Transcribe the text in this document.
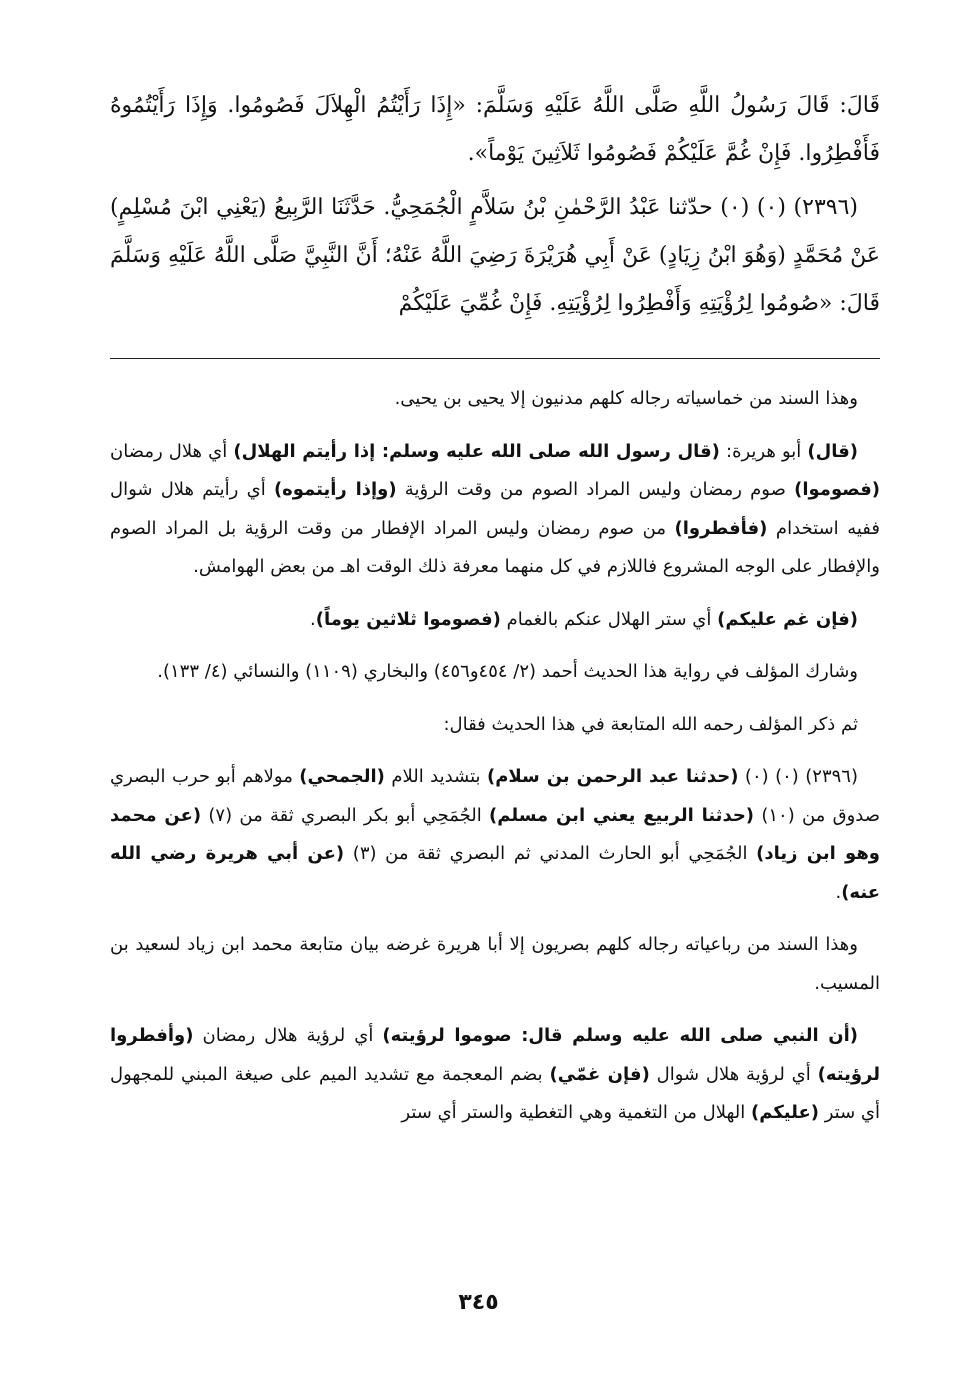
قَالَ: قَالَ رَسُولُ اللَّهِ صَلَّى اللَّهُ عَلَيْهِ وَسَلَّمَ: «إِذَا رَأَيْتُمُ الْهِلاَلَ فَصُومُوا. وَإِذَا رَأَيْتُمُوهُ فَأَفْطِرُوا. فَإِنْ غُمَّ عَلَيْكُمْ فَصُومُوا ثَلاَثِينَ يَوْماً».

(٢٣٩٦) (٠) (٠) حدّثنا عَبْدُ الرَّحْمٰنِ بْنُ سَلاَّمٍ الْجُمَحِيُّ. حَدَّثَنَا الرَّبِيعُ (يَعْنِي ابْنَ مُسْلِمٍ) عَنْ مُحَمَّدٍ (وَهُوَ ابْنُ زِيَادٍ) عَنْ أَبِي هُرَيْرَةَ رَضِيَ اللَّهُ عَنْهُ؛ أَنَّ النَّبِيَّ صَلَّى اللَّهُ عَلَيْهِ وَسَلَّمَ قَالَ: «صُومُوا لِرُؤْيَتِهِ وَأَفْطِرُوا لِرُؤْيَتِهِ. فَإِنْ غُمِّيَ عَلَيْكُمْ

وهذا السند من خماسياته رجاله كلهم مدنيون إلا يحيى بن يحيى.

(قال) أبو هريرة: (قال رسول الله صلى الله عليه وسلم: إذا رأيتم الهلال) أي هلال رمضان (فصوموا) صوم رمضان وليس المراد الصوم من وقت الرؤية (وإذا رأيتموه) أي رأيتم هلال شوال ففيه استخدام (فأفطروا) من صوم رمضان وليس المراد الإفطار من وقت الرؤية بل المراد الصوم والإفطار على الوجه المشروع فاللازم في كل منهما معرفة ذلك الوقت اهـ من بعض الهوامش.

(فإن غم عليكم) أي ستر الهلال عنكم بالغمام (فصوموا ثلاثين يوماً).

وشارك المؤلف في رواية هذا الحديث أحمد (٢/ ٤٥٤و٤٥٦) والبخاري (١١٠٩) والنسائي (٤/ ١٣٣).

ثم ذكر المؤلف رحمه الله المتابعة في هذا الحديث فقال:

(٢٣٩٦) (٠) (٠) (حدثنا عبد الرحمن بن سلام) بتشديد اللام (الجمحي) مولاهم أبو حرب البصري صدوق من (١٠) (حدثنا الربيع يعني ابن مسلم) الجُمَحِي أبو بكر البصري ثقة من (٧) (عن محمد وهو ابن زياد) الجُمَحِي أبو الحارث المدني ثم البصري ثقة من (٣) (عن أبي هريرة رضي الله عنه).

وهذا السند من رباعياته رجاله كلهم بصريون إلا أبا هريرة غرضه بيان متابعة محمد ابن زياد لسعيد بن المسيب.

(أن النبي صلى الله عليه وسلم قال: صوموا لرؤيته) أي لرؤية هلال رمضان (وأفطروا لرؤيته) أي لرؤية هلال شوال (فإن غمّي) بضم المعجمة مع تشديد الميم على صيغة المبني للمجهول أي ستر (عليكم) الهلال من التغمية وهي التغطية والستر أي ستر

٣٤٥
